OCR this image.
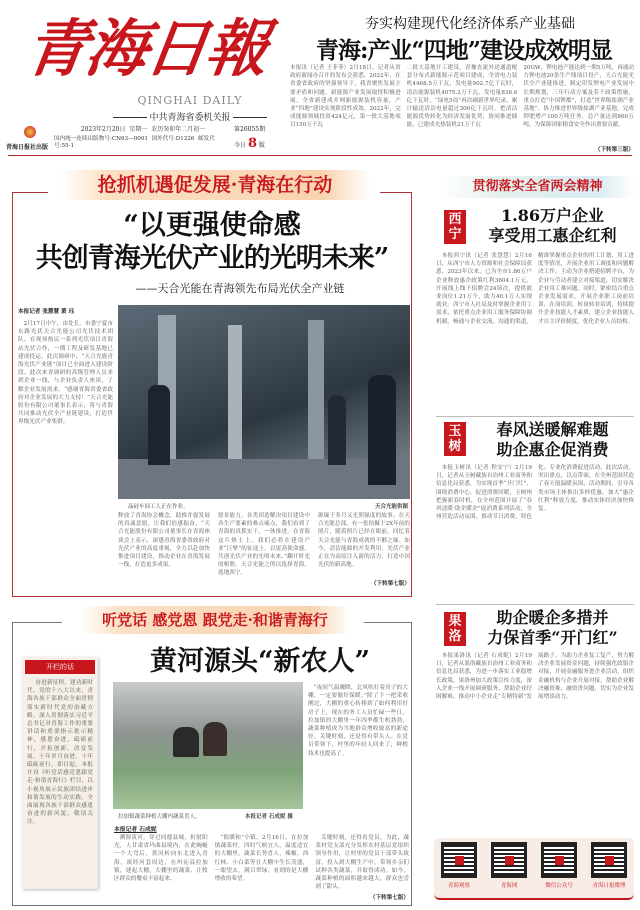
青海日報
QINGHAI DAILY
中共青海省委机关报
青海日报社出版
2023年2月20日 星期一 农历癸卯年二月初一
国内统一连续出版物号:CN63—0001 国外代号:D1226 邮发代号:55-1
第26055期
今日 8 版
夯实构建现代化经济体系产业基础
青海:产业“四地”建设成效明显
本报讯（记者 王菲菲）2月18日，记者从省政府新闻办召开的发布会获悉，2022年，在省委省政府的坚强领导下，我省聚焦发展主要矛盾和问题，新能源产业发展取得积极进展，全省新建成并网新能源装机容量，产业“四地”建设实现阶段性成效。2022年，完成能源领域投资424亿元，第一批大基地项目150万千瓦
二批大基地开工建设，青豫直流外送通道配套分布式新能源示范项目建成，全省电力装机4468.5万千瓦，发电量902.7亿千瓦时，清洁能源装机4075.2万千瓦，发电量836.6亿千瓦时，“绿电5周”再次刷新世界纪录，累计输送清洁电量超过300亿千瓦时。把清洁能源优势转化为经济发展优势，协同推进储能，已建成光热装机21万千瓦
20GW，锂电池产能达到一期5万吨，再通动力锂电池20条生产线项目投产，天合光能光伏全产业链推进，制定印发锂电产业发展中长期规划，三年行动方案及若干政策措施，重点打造“中国锂都”，打造“世界级盐湖产业基地”。协力推进世界级盐湖产业基地，完成钾肥增产100万吨任务，总产量达到860万吨，为保障国家粮食安全作出重要贡献。
（下转第三版）
抢抓机遇促发展·青海在行动
“以更强使命感
共创青海光伏产业的光明未来”
——天合光能在青海领先布局光伏全产业链
本报记者 张慧慧 萧 珏
2月17日中午，由处长、市委宁夏市东路光伏天合光能公司光伏技术团队，在现场热议一系列光伏项目青海站光伏合作，一期工程及研发基地已建成投运。此次调研中，“天合光能青海光伏产业链”项目已全面进入建设阶段。此次来青调研的高级管理人员来到企业一线，与企业负责人座谈，了解企业发展需求。“感谢青海省委省政府对企业发展的大力支持！”天合光能股份有限公司董事长表示，将与青海共同推动光伏全产业链建设，打造世界级光伏产业集群。
晶硅车间工人正在作业。	天合光能供图
释放了青海协会概念，助推并促发展的真诚意愿，让我们倍感振奋，“天合光能股份有限公司董事长在青海座谈会上表示，深感青海省委省政府对光伏产业的高度重视，全力以赴加快推进项目建设，推动企业在青海发展一线，打造更多成果。
愿景能力，各类团造解决项目建设中各生产要素的难点痛点，我们看到了青海的真抓实干，一体推进。在青海这片热土上，我们必将在建设产业“巨擘”的征途上，以更高使命感，共创光伏产业的光明未来。”翻开时光的相册，天合光能之所以选择青海，选地西宁。
源缘于多月又光照强度的故事。在天合光能总部，有一张拍摄于2X年前的照片，随着照片已经在眼前，回忆着天合光能与青海成就的不解之缘。如今，清洁能源的开发利用，光伏产业正在为高原注入新的活力，打造中国光伏的新高地。
（下转第七版）
贯彻落实全省两会精神
西宁
1.86万户企业
享受用工惠企红利
本报西宁讯（记者 张慧慧）2月16日，从西宁市人力资源和社会保障局获悉，2023年以来，已为全市1.86万户企业释放惠企政策红利3604.1万元，开展线上线下招聘会24场次，提供就业岗位1.21万个，助力40.1万人实现就业。西宁市人社局及时掌握企业用工需求，依托重点企业用工服务保障协调机制，畅通与企业交流、沟通的渠道，精准掌握重点企业的用工计划、用工进度等情况，开展企业用工调度和问题解决工作，主动为企业搭建招聘平台，为企业与劳动者建立对接渠道，切实解决企业用工难问题。同时，紧密结合重点企业发展需求，开展企业职工岗前培训、在岗培训、转岗转业培训，持续提升企业技能人才素质，建立企业技能人才自主评价制度，优化企业人员结构。
玉树
春风送暖解难题
助企惠企促消费
本报玉树讯（记者 程安宁）2月19日，记者从玉树藏族自治州工业商务和信息化局获悉，为实现首季“开门红”，围绕消费中心，促进消费回暖，玉树州把握新春时机，在全州范围开展了“春风送暖·助企暖企”促消费系列活动，全州营造活动氛围，推动节日消费、特色化、专业化消费促进活动。此次活动，突出重点，以点带面，在全州范围营造了春天般温暖氛围，活动期间，引导各类市场主体推出多样优惠，加大“惠企红利”释放力度，推动实体经济加快恢复。
果洛
助企暖企多措并
力保首季“开门红”
本报果洛讯（记者 石成妮）2月19日，记者从果洛藏族自治州工业商务和信息化局获悉，为进一步落实工业稳增长政策，果洛州加大政策宣传力度，深入企业一线开展调研服务，帮助企业纾困解难，推动中小企业走“专精特新”发展路子。为助力企业复工复产，努力解决企业发展资金问题，持续强化政银企对接，开展金融服务进企业活动，组织金融机构与企业开展对接，帮助企业解决融资难、融资贵问题，切实为企业发展增添动力。
青海观察	青海网	微信公众号	青海日报微博
听党话 感党恩 跟党走·和谐青海行
开栏的话
奋进新征程，建功新时代。党的十八大以来，青海各族干部群众全面贯彻落实新时代党的治藏方略，深入贯彻落实习近平总书记对青海工作的重要讲话和重要指示批示精神，感恩奋进，砥砺前行，开拓创新，改变发展。十年岁月奋进，十年砥砺前行，即日起，本报开设《听党话感党恩跟党走·和谐青海行》栏目，以小视角展示民族团结进步和谐发展的生动实践，全面展现各族干部群众感恩奋进的新风貌。敬请关注。
黄河源头“新农人”
“夜间气温骤降，北风吹打着房子的大棚，一定要做好保暖。”除了下一把采收刚过，大棚的重心转移到了如何利用好房子上，现在的务工人员忙碌一些日。拉加镇的大棚里一年四季都生机勃勃，蔬菜种植成为当地群众增收致富的新途径。关键时刻，还是得有带头人。在党员带领下，村里的年轻人回来了，种植技术也提高了。
拉加镇蔬菜种植大棚内蔬菜喜人。	本报记者 石成妮 摄
本报记者 石成妮
溯源黄河，穿过同德县城，折射阳光，人甘肃省玛曲县境内，在此蜿蜒一个大弯后，黄河转向东北进入青海，流经河套周边，在玛沁县拉加镇，建起大棚，大棚里的蔬菜，让牧区群众的餐桌丰富起来。
“很暖和”小镇。2月16日，在拉加镇蔬菜村，四时气候宜人，温度适宜的大棚里，蔬菜长势喜人，辣椒、西红柿、小白菜等在大棚中生长茂盛，一眼望去，满目翠绿，看到的是大棚增收的希望。
关键时刻，还得看党员。为此，蔬菜村党支部充分发挥农村基层党组织领导作用，让村里的党员干部带头致富，投入到大棚生产中，带领乡亲们试种各类蔬菜，并取得成功。如今，蔬菜种植的面积越来越大，群众也尝到了甜头。
（下转第七版）
